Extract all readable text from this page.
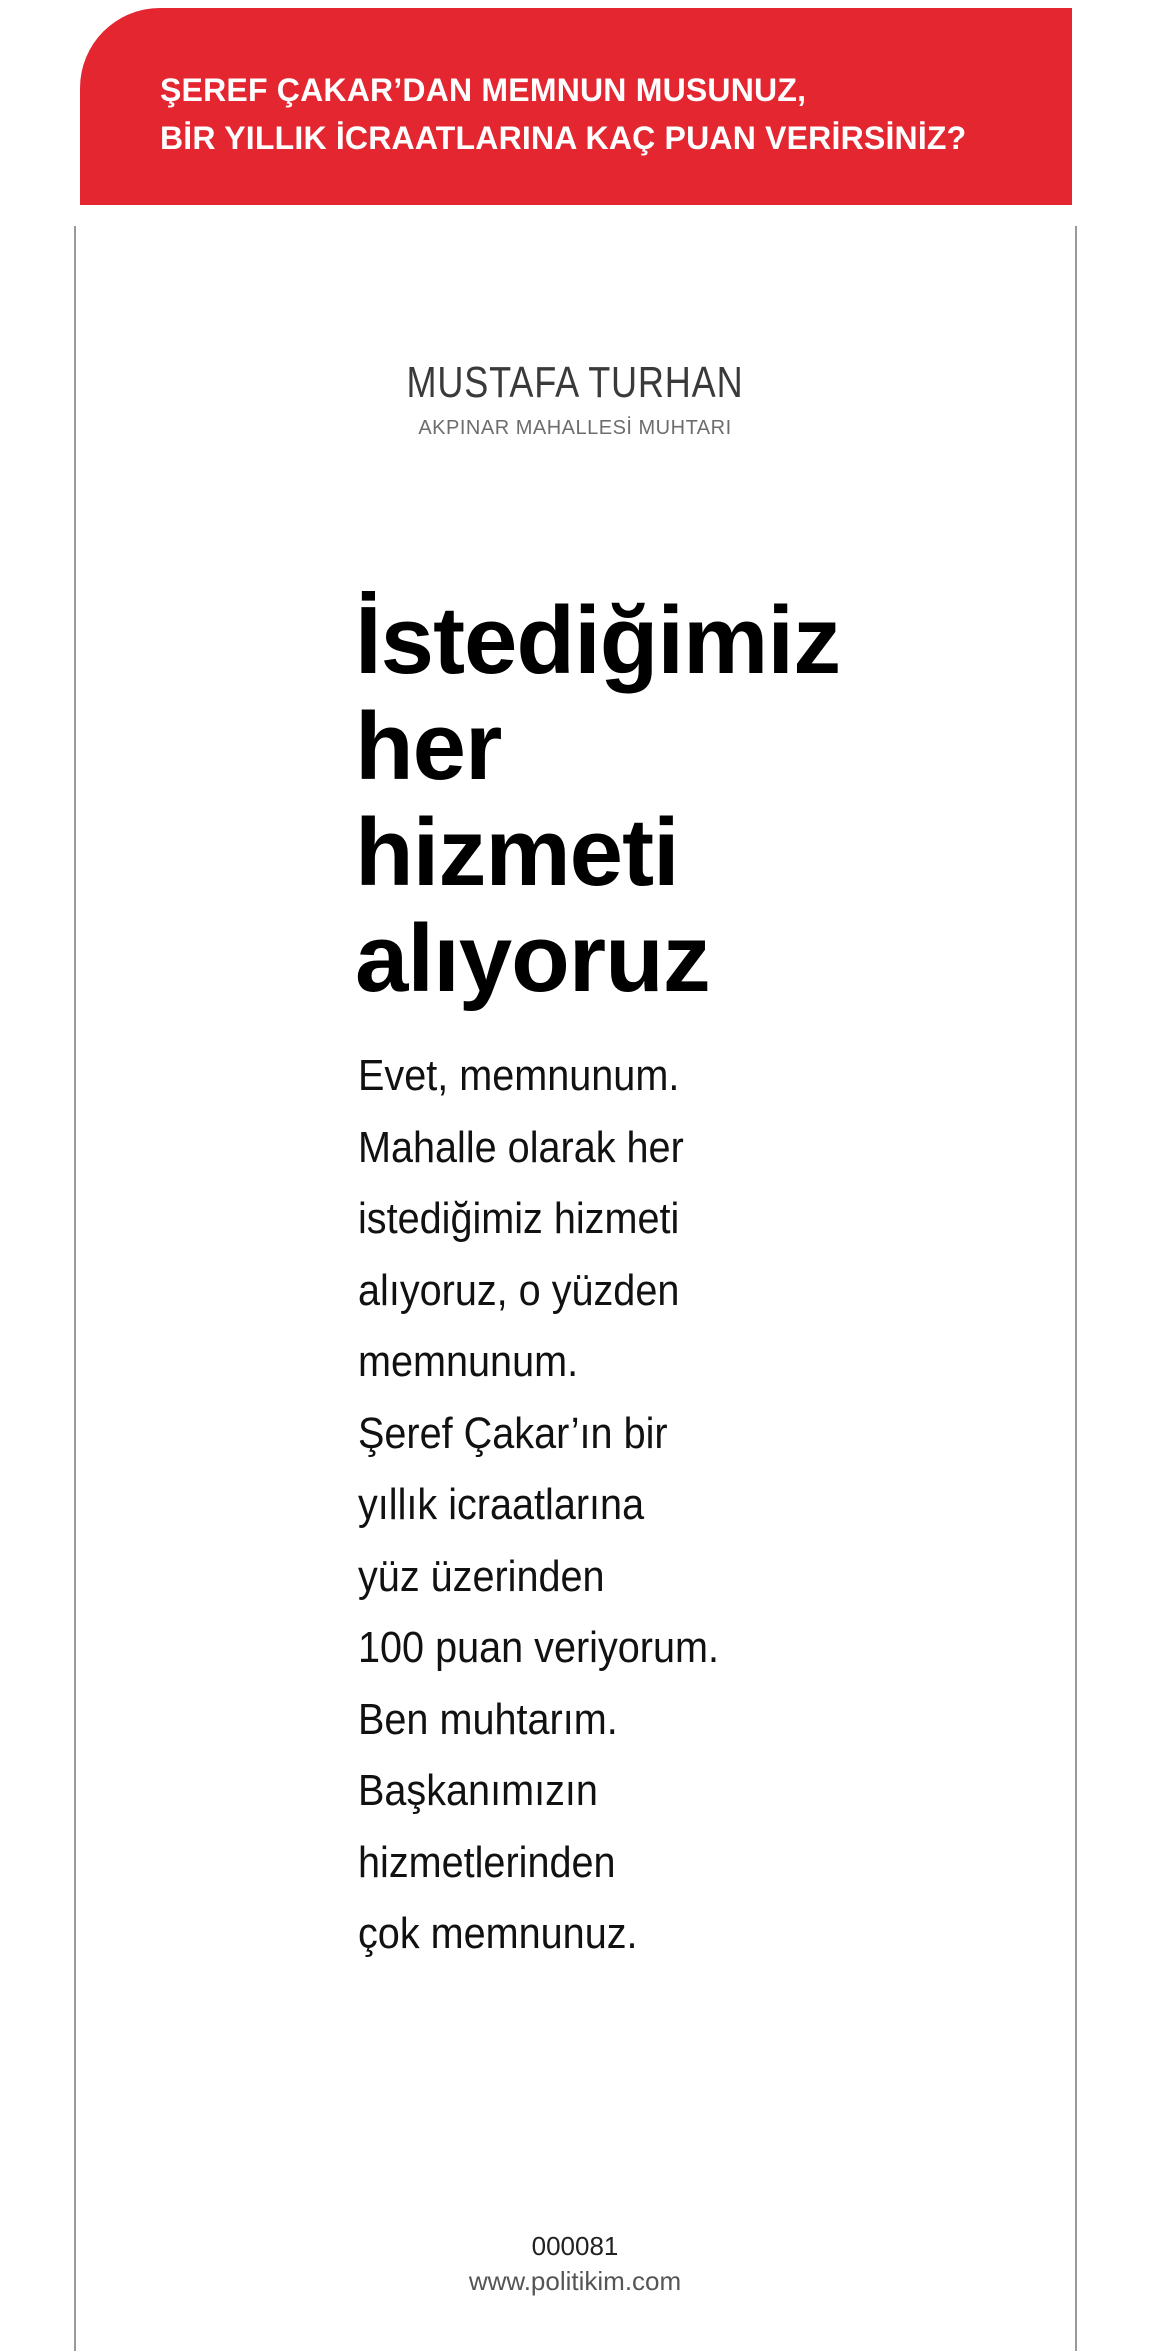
ŞEREF ÇAKAR’DAN MEMNUN MUSUNUZ,
BİR YILLIK İCRAATLARINA KAÇ PUAN VERİRSİNİZ?
MUSTAFA TURHAN
AKPINAR MAHALLESİ MUHTARI
İstediğimiz
her
hizmeti
alıyoruz
Evet, memnunum.
Mahalle olarak her
istediğimiz hizmeti
alıyoruz, o yüzden
memnunum.
Şeref Çakar’ın bir
yıllık icraatlarına
yüz üzerinden
100 puan veriyorum.
Ben muhtarım.
Başkanımızın
hizmetlerinden
çok memnunuz.
000081
www.politikim.com
